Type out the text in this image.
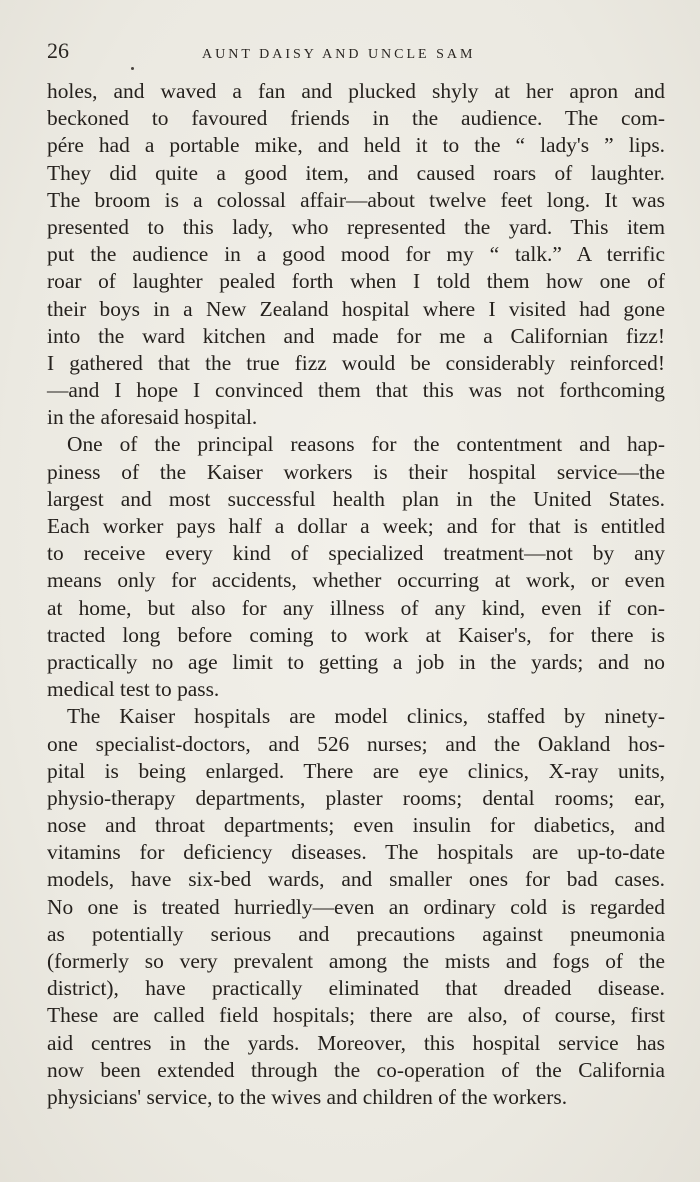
26	AUNT DAISY AND UNCLE SAM
holes, and waved a fan and plucked shyly at her apron and
beckoned to favoured friends in the audience. The com-
pére had a portable mike, and held it to the “ lady's ” lips.
They did quite a good item, and caused roars of laughter.
The broom is a colossal affair—about twelve feet long. It was
presented to this lady, who represented the yard. This item
put the audience in a good mood for my “ talk.” A terrific
roar of laughter pealed forth when I told them how one of
their boys in a New Zealand hospital where I visited had gone
into the ward kitchen and made for me a Californian fizz!
I gathered that the true fizz would be considerably reinforced!
—and I hope I convinced them that this was not forthcoming
in the aforesaid hospital.
One of the principal reasons for the contentment and hap-
piness of the Kaiser workers is their hospital service—the
largest and most successful health plan in the United States.
Each worker pays half a dollar a week; and for that is entitled
to receive every kind of specialized treatment—not by any
means only for accidents, whether occurring at work, or even
at home, but also for any illness of any kind, even if con-
tracted long before coming to work at Kaiser's, for there is
practically no age limit to getting a job in the yards; and no
medical test to pass.
The Kaiser hospitals are model clinics, staffed by ninety-
one specialist-doctors, and 526 nurses; and the Oakland hos-
pital is being enlarged. There are eye clinics, X-ray units,
physio-therapy departments, plaster rooms; dental rooms; ear,
nose and throat departments; even insulin for diabetics, and
vitamins for deficiency diseases. The hospitals are up-to-date
models, have six-bed wards, and smaller ones for bad cases.
No one is treated hurriedly—even an ordinary cold is regarded
as potentially serious and precautions against pneumonia
(formerly so very prevalent among the mists and fogs of the
district), have practically eliminated that dreaded disease.
These are called field hospitals; there are also, of course, first
aid centres in the yards. Moreover, this hospital service has
now been extended through the co-operation of the California
physicians' service, to the wives and children of the workers.
